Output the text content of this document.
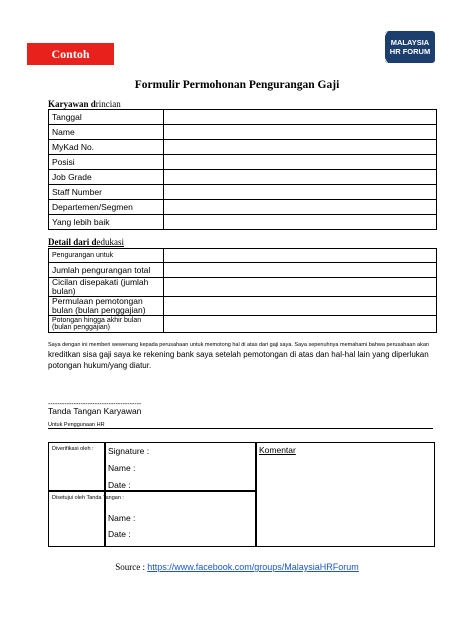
Contoh
MALAYSIA
HR FORUM
Formulir Permohonan Pengurangan Gaji
Karyawan drincian
Tanggal	
Name	
MyKad No.	
Posisi	
Job Grade	
Staff Number	
Departemen/Segmen	
Yang lebih baik	
Detail dari dedukasi
Pengurangan untuk	
Jumlah pengurangan total	
Cicilan disepakati (jumlah bulan)	
Permulaan pemotongan bulan (bulan penggajian)	
Potongan hingga akhir bulan (bulan penggajian)	
Saya dengan ini memberi wewenang kepada perusahaan untuk memotong hal di atas dari gaji saya. Saya sepenuhnya memahami bahwa perusahaan akan
kreditkan sisa gaji saya ke rekening bank saya setelah pemotongan di atas dan hal-hal lain yang diperlukan
potongan hukum/yang diatur.
----------------------------------------
Tanda Tangan Karyawan
Untuk Penggunaan HR
Diverifikasi oleh : Signature :
Name :
Date :
Komentar
Disetujui oleh Tanda Tangan :
Name :
Date :
Source : https://www.facebook.com/groups/MalaysiaHRForum
